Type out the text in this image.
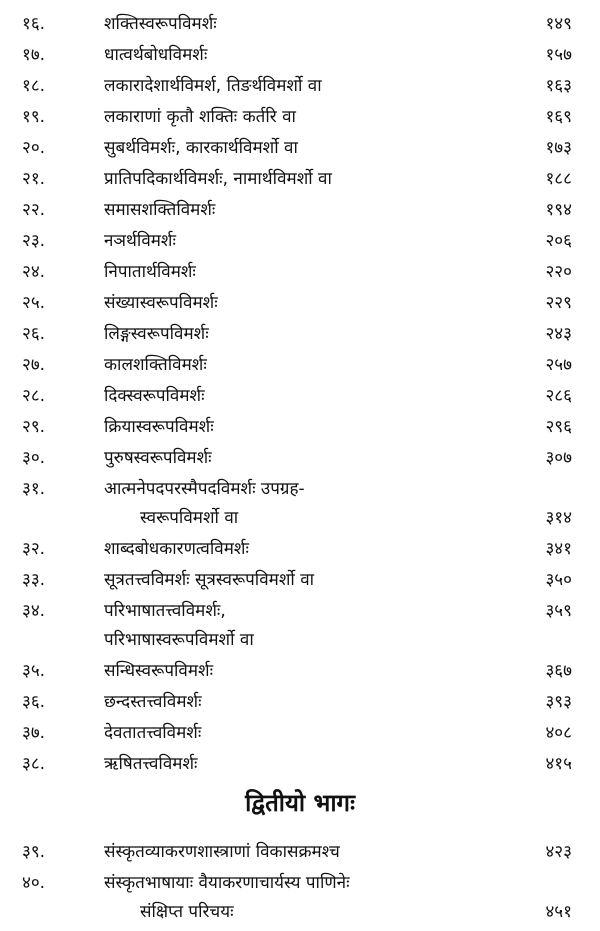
१६.	शक्तिस्वरूपविमर्शः	१४९
१७.	धात्वर्थबोधविमर्शः	१५७
१८.	लकारादेशार्थविमर्श, तिङर्थविमर्शो वा	१६३
१९.	लकाराणां कृतौ शक्तिः कर्तरि वा	१६९
२०.	सुबर्थविमर्शः, कारकार्थविमर्शो वा	१७३
२१.	प्रातिपदिकार्थविमर्शः, नामार्थविमर्शो वा	१८८
२२.	समासशक्तिविमर्शः	१९४
२३.	नञर्थविमर्शः	२०६
२४.	निपातार्थविमर्शः	२२०
२५.	संख्यास्वरूपविमर्शः	२२९
२६.	लिङ्गस्वरूपविमर्शः	२४३
२७.	कालशक्तिविमर्शः	२५७
२८.	दिक्स्वरूपविमर्शः	२८६
२९.	क्रियास्वरूपविमर्शः	२९६
३०.	पुरुषस्वरूपविमर्शः	३०७
३१.	आत्मनेपदपरस्मैपदविमर्शः उपग्रह-
स्वरूपविमर्शो वा	३१४
३२.	शाब्दबोधकारणत्वविमर्शः	३४१
३३.	सूत्रतत्त्वविमर्शः सूत्रस्वरूपविमर्शो वा	३५०
३४.	परिभाषातत्त्वविमर्शः,	३५९
परिभाषास्वरूपविमर्शो वा
३५.	सन्धिस्वरूपविमर्शः	३६७
३६.	छन्दस्तत्त्वविमर्शः	३९३
३७.	देवतातत्त्वविमर्शः	४०८
३८.	ऋषितत्त्वविमर्शः	४१५
द्वितीयो भागः
३९.	संस्कृतव्याकरणशास्त्राणां विकासक्रमश्च	४२३
४०.	संस्कृतभाषायाः वैयाकरणाचार्यस्य पाणिनेः
संक्षिप्त परिचयः	४५१
